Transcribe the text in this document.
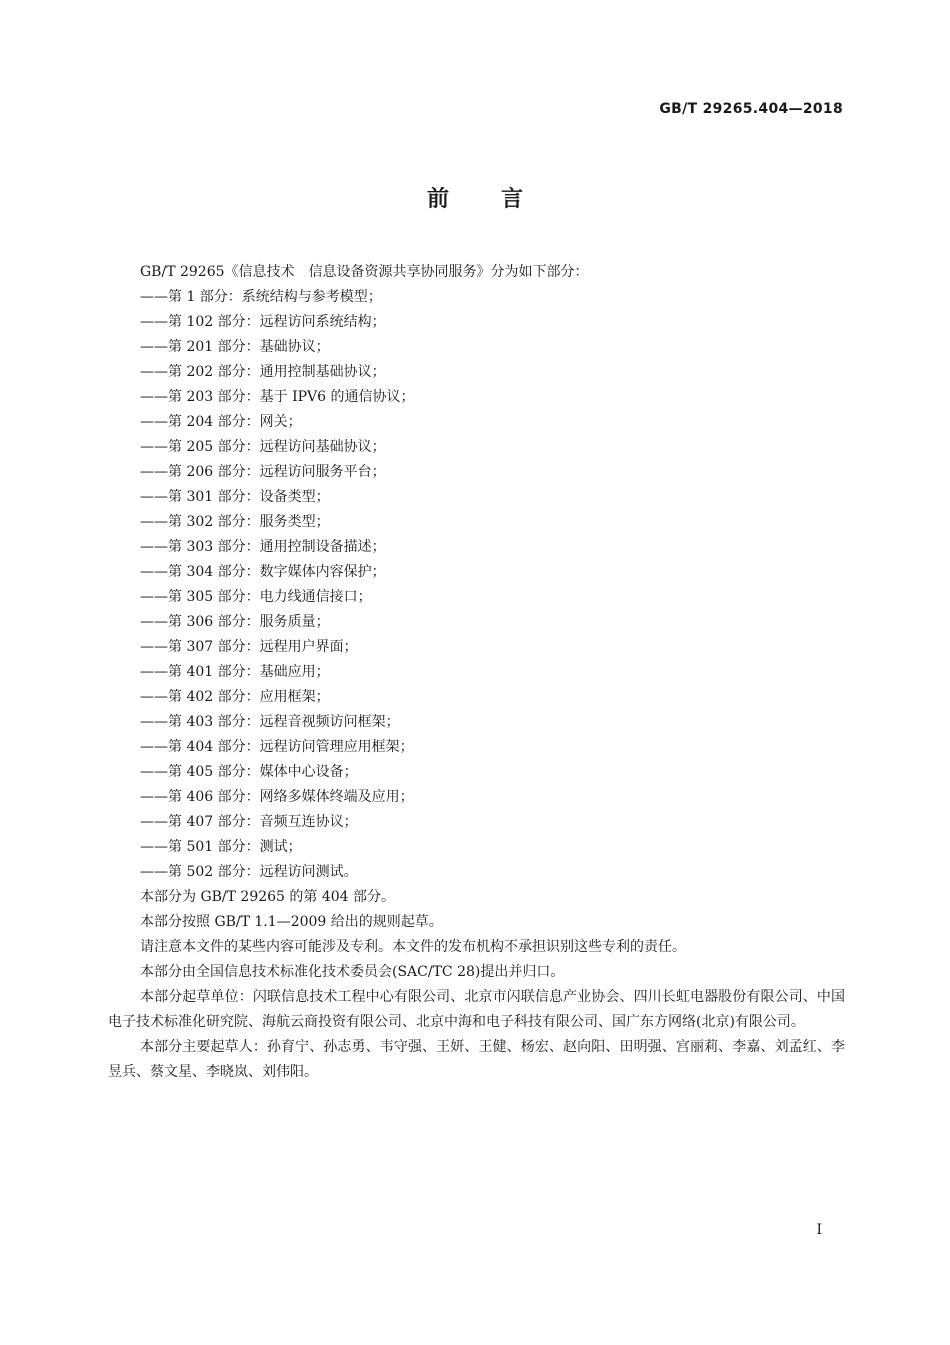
GB/T 29265.404—2018
前言

GB/T 29265《信息技术　信息设备资源共享协同服务》分为如下部分：

——第 1 部分：系统结构与参考模型；
——第 102 部分：远程访问系统结构；
——第 201 部分：基础协议；
——第 202 部分：通用控制基础协议；
——第 203 部分：基于 IPV6 的通信协议；
——第 204 部分：网关；
——第 205 部分：远程访问基础协议；
——第 206 部分：远程访问服务平台；
——第 301 部分：设备类型；
——第 302 部分：服务类型；
——第 303 部分：通用控制设备描述；
——第 304 部分：数字媒体内容保护；
——第 305 部分：电力线通信接口；
——第 306 部分：服务质量；
——第 307 部分：远程用户界面；
——第 401 部分：基础应用；
——第 402 部分：应用框架；
——第 403 部分：远程音视频访问框架；
——第 404 部分：远程访问管理应用框架；
——第 405 部分：媒体中心设备；
——第 406 部分：网络多媒体终端及应用；
——第 407 部分：音频互连协议；
——第 501 部分：测试；
——第 502 部分：远程访问测试。

本部分为 GB/T 29265 的第 404 部分。

本部分按照 GB/T 1.1—2009 给出的规则起草。

请注意本文件的某些内容可能涉及专利。本文件的发布机构不承担识别这些专利的责任。

本部分由全国信息技术标准化技术委员会(SAC/TC 28)提出并归口。

本部分起草单位：闪联信息技术工程中心有限公司、北京市闪联信息产业协会、四川长虹电器股份有限公司、中国电子技术标准化研究院、海航云商投资有限公司、北京中海和电子科技有限公司、国广东方网络(北京)有限公司。

本部分主要起草人：孙育宁、孙志勇、韦守强、王妍、王健、杨宏、赵向阳、田明强、宫丽莉、李嘉、刘孟红、李昱兵、蔡文星、李晓岚、刘伟阳。

I
